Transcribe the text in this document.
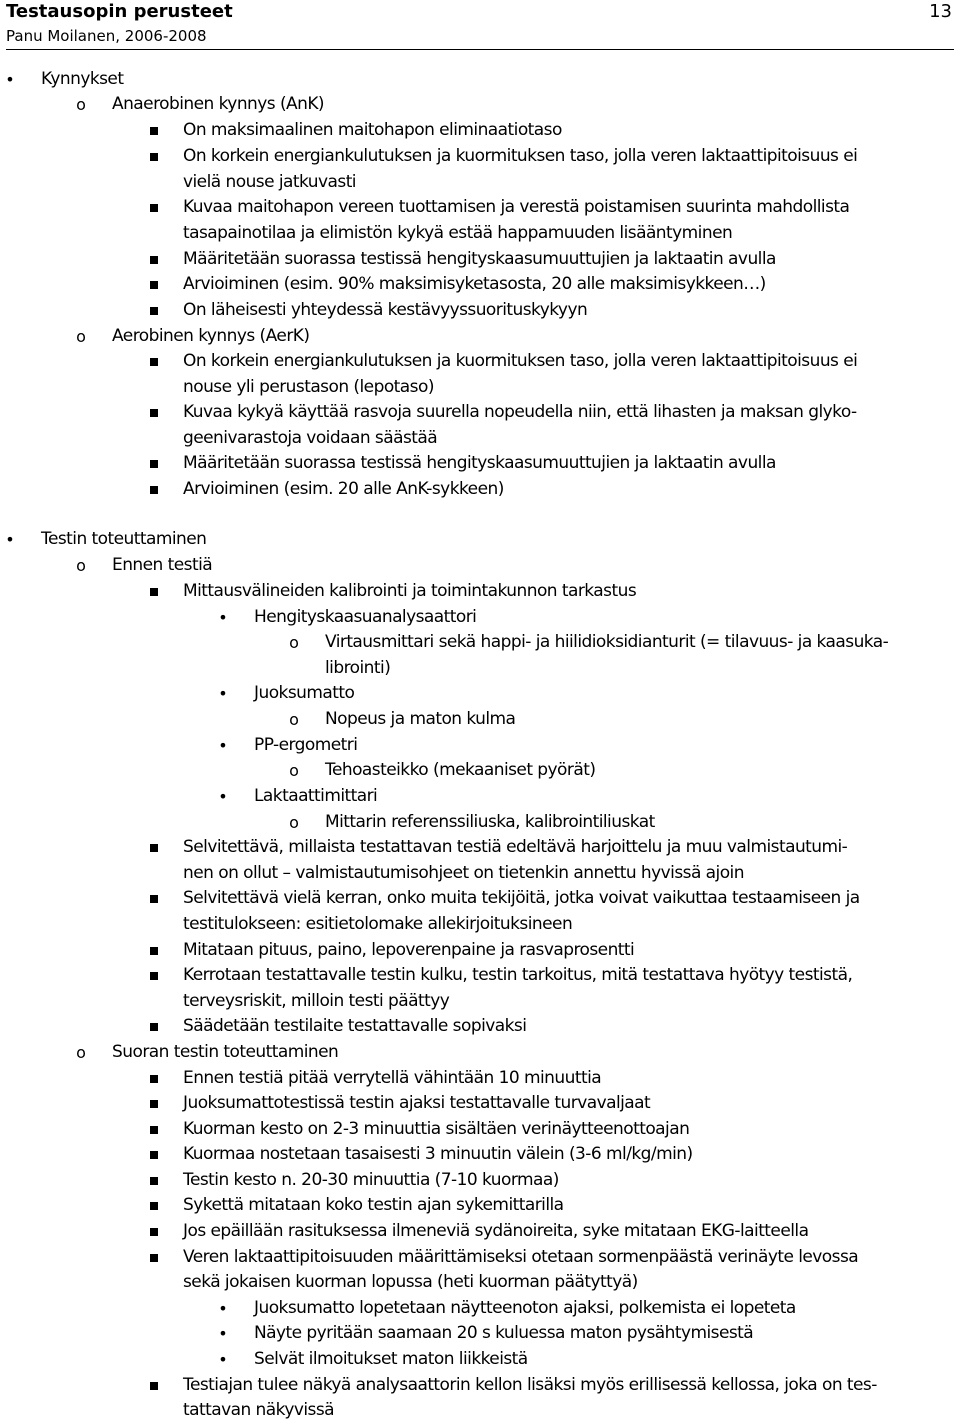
Testausopin perusteet
Panu Moilanen, 2006-2008
13
• Kynnykset
o Anaerobinen kynnys (AnK)
On maksimaalinen maitohapon eliminaatiotaso
On korkein energiankulutuksen ja kuormituksen taso, jolla veren laktaattipitoisuus ei
vielä nouse jatkuvasti
Kuvaa maitohapon vereen tuottamisen ja verestä poistamisen suurinta mahdollista
tasapainotilaa ja elimistön kykyä estää happamuuden lisääntyminen
Määritetään suorassa testissä hengityskaasumuuttujien ja laktaatin avulla
Arvioiminen (esim. 90% maksimisyketasosta, 20 alle maksimisykkeen…)
On läheisesti yhteydessä kestävyyssuorituskykyyn
o Aerobinen kynnys (AerK)
On korkein energiankulutuksen ja kuormituksen taso, jolla veren laktaattipitoisuus ei
nouse yli perustason (lepotaso)
Kuvaa kykyä käyttää rasvoja suurella nopeudella niin, että lihasten ja maksan glyko-
geenivarastoja voidaan säästää
Määritetään suorassa testissä hengityskaasumuuttujien ja laktaatin avulla
Arvioiminen (esim. 20 alle AnK-sykkeen)
• Testin toteuttaminen
o Ennen testiä
Mittausvälineiden kalibrointi ja toimintakunnon tarkastus
• Hengityskaasuanalysaattori
o Virtausmittari sekä happi- ja hiilidioksidianturit (= tilavuus- ja kaasuka-
librointi)
• Juoksumatto
o Nopeus ja maton kulma
• PP-ergometri
o Tehoasteikko (mekaaniset pyörät)
• Laktaattimittari
o Mittarin referenssiliuska, kalibrointiliuskat
Selvitettävä, millaista testattavan testiä edeltävä harjoittelu ja muu valmistautumi-
nen on ollut – valmistautumisohjeet on tietenkin annettu hyvissä ajoin
Selvitettävä vielä kerran, onko muita tekijöitä, jotka voivat vaikuttaa testaamiseen ja
testitulokseen: esitietolomake allekirjoituksineen
Mitataan pituus, paino, lepoverenpaine ja rasvaprosentti
Kerrotaan testattavalle testin kulku, testin tarkoitus, mitä testattava hyötyy testistä,
terveysriskit, milloin testi päättyy
Säädetään testilaite testattavalle sopivaksi
o Suoran testin toteuttaminen
Ennen testiä pitää verrytellä vähintään 10 minuuttia
Juoksumattotestissä testin ajaksi testattavalle turvavaljaat
Kuorman kesto on 2-3 minuuttia sisältäen verinäytteenottoajan
Kuormaa nostetaan tasaisesti 3 minuutin välein (3-6 ml/kg/min)
Testin kesto n. 20-30 minuuttia (7-10 kuormaa)
Sykettä mitataan koko testin ajan sykemittarilla
Jos epäillään rasituksessa ilmeneviä sydänoireita, syke mitataan EKG-laitteella
Veren laktaattipitoisuuden määrittämiseksi otetaan sormenpäästä verinäyte levossa
sekä jokaisen kuorman lopussa (heti kuorman päätyttyä)
• Juoksumatto lopetetaan näytteenoton ajaksi, polkemista ei lopeteta
• Näyte pyritään saamaan 20 s kuluessa maton pysähtymisestä
• Selvät ilmoitukset maton liikkeistä
Testiajan tulee näkyä analysaattorin kellon lisäksi myös erillisessä kellossa, joka on tes-
tattavan näkyvissä
